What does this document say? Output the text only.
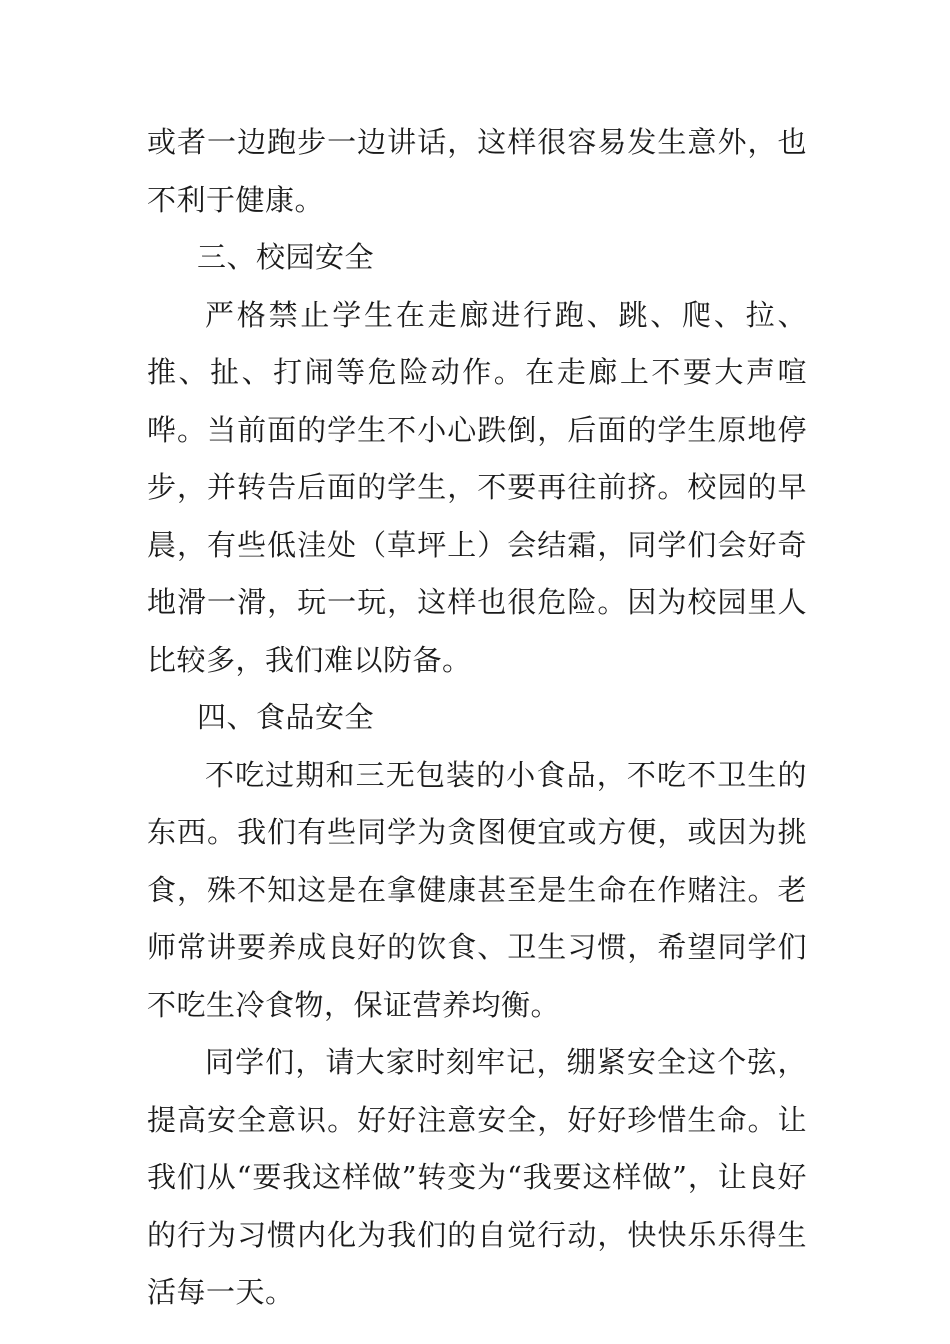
或者一边跑步一边讲话，这样很容易发生意外，也不利于健康。

三、校园安全

严格禁止学生在走廊进行跑、跳、爬、拉、推、扯、打闹等危险动作。在走廊上不要大声喧哗。当前面的学生不小心跌倒，后面的学生原地停步，并转告后面的学生，不要再往前挤。校园的早晨，有些低洼处（草坪上）会结霜，同学们会好奇地滑一滑，玩一玩，这样也很危险。因为校园里人比较多，我们难以防备。

四、食品安全

不吃过期和三无包装的小食品，不吃不卫生的东西。我们有些同学为贪图便宜或方便，或因为挑食，殊不知这是在拿健康甚至是生命在作赌注。老师常讲要养成良好的饮食、卫生习惯，希望同学们不吃生冷食物，保证营养均衡。

同学们，请大家时刻牢记，绷紧安全这个弦，提高安全意识。好好注意安全，好好珍惜生命。让我们从“要我这样做”转变为“我要这样做”，让良好的行为习惯内化为我们的自觉行动，快快乐乐得生活每一天。
